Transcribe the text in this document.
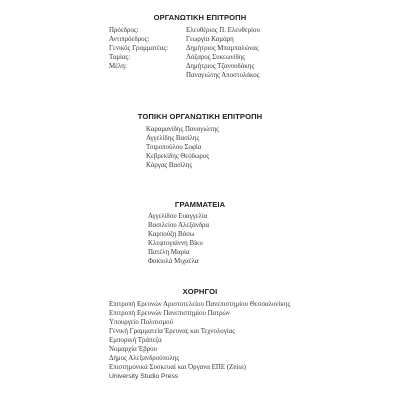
ΟΡΓΑΝΩΤΙΚΗ ΕΠΙΤΡΟΠΗ
Πρόεδρος:	Ελευθέριος Π. Ελευθερίου
Αντιπρόεδρος:	Γεωργία Καμάρη
Γενικός Γραμματέας:	Δημήτριος Μπαμπαλώνας
Ταμίας:	Λάζαρος Συκεωνίδης
Μέλη:	Δημήτριος Τζανουδάκης
Παναγιώτης Αποστολάκος
ΤΟΠΙΚΗ ΟΡΓΑΝΩΤΙΚΗ ΕΠΙΤΡΟΠΗ
Καραμανίδης Παναγιώτης
Αγγελίδης Βασίλης
Τσιροπούλου Σοφία
Κεβρεκίδης Θεόδωρος
Κάργας Βασίλης
ΓΡΑΜΜΑΤΕΙΑ
Αγγελίδου Ευαγγελία
Βασιλείου Αλεξάνδρα
Καρπούζη Βάσω
Κλεφτογιάννη Βίκυ
Πατέλη Μαρία
Φακιολά Μιχαέλα
ΧΟΡΗΓΟΙ
Επιτροπή Ερευνών Αριστοτελείου Πανεπιστημίου Θεσσαλονίκης
Επιτροπή Ερευνών Πανεπιστημίου Πατρών
Υπουργείο Πολιτισμού
Γενική Γραμματεία Έρευνας και Τεχνολογίας
Εμπορική Τράπεζα
Νομαρχία Έβρου
Δήμος Αλεξανδρούπολης
Επιστημονικά Συσκευαί και Όργανα ΕΠΕ (Zeiss)
University Studio Press
